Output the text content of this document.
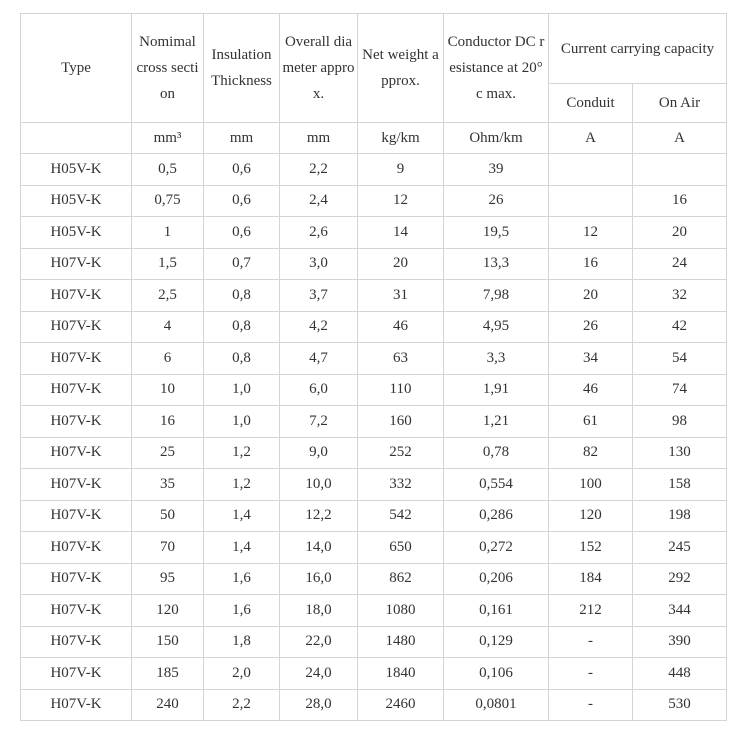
Type	Nomimal cross section	Insulation Thickness	Overall diameter approx.	Net weight approx.	Conductor DC resistance at 20°c max.	Current carrying capacity	
						Conduit	On Air
	mm³	mm	mm	kg/km	Ohm/km	A	A
H05V-K	0,5	0,6	2,2	9	39		
H05V-K	0,75	0,6	2,4	12	26		16
H05V-K	1	0,6	2,6	14	19,5	12	20
H07V-K	1,5	0,7	3,0	20	13,3	16	24
H07V-K	2,5	0,8	3,7	31	7,98	20	32
H07V-K	4	0,8	4,2	46	4,95	26	42
H07V-K	6	0,8	4,7	63	3,3	34	54
H07V-K	10	1,0	6,0	110	1,91	46	74
H07V-K	16	1,0	7,2	160	1,21	61	98
H07V-K	25	1,2	9,0	252	0,78	82	130
H07V-K	35	1,2	10,0	332	0,554	100	158
H07V-K	50	1,4	12,2	542	0,286	120	198
H07V-K	70	1,4	14,0	650	0,272	152	245
H07V-K	95	1,6	16,0	862	0,206	184	292
H07V-K	120	1,6	18,0	1080	0,161	212	344
H07V-K	150	1,8	22,0	1480	0,129	-	390
H07V-K	185	2,0	24,0	1840	0,106	-	448
H07V-K	240	2,2	28,0	2460	0,0801	-	530
